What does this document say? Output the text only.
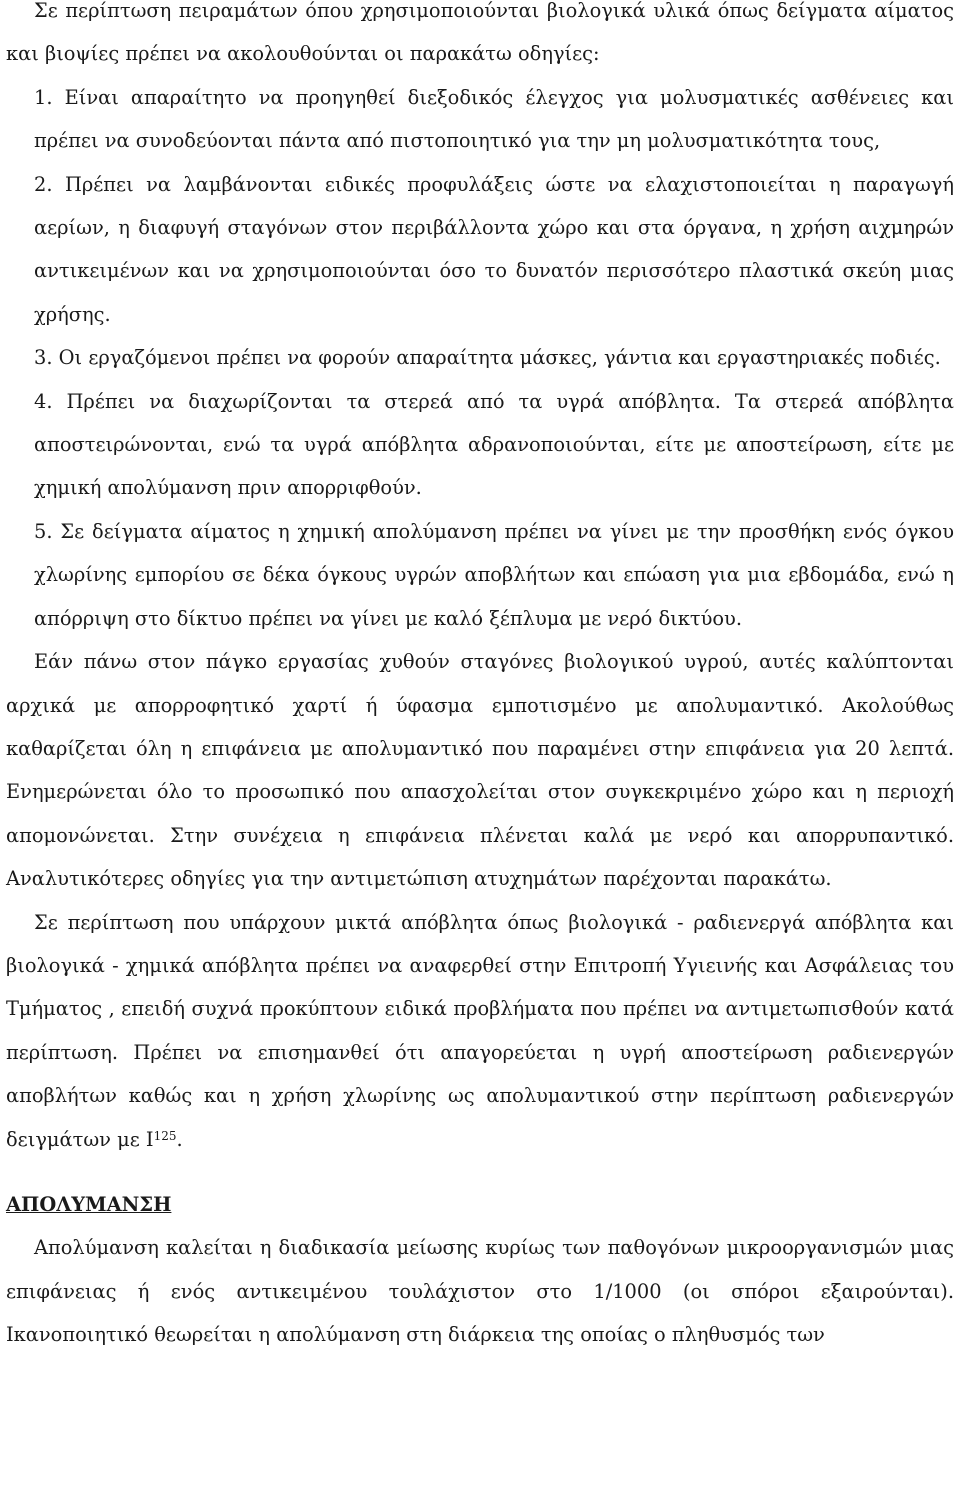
Σε περίπτωση πειραμάτων όπου χρησιμοποιούνται βιολογικά υλικά όπως δείγματα αίματος και βιοψίες πρέπει να ακολουθούνται οι παρακάτω οδηγίες:

1. Είναι απαραίτητο να προηγηθεί διεξοδικός έλεγχος για μολυσματικές ασθένειες και πρέπει να συνοδεύονται πάντα από πιστοποιητικό για την μη μολυσματικότητα τους,

2. Πρέπει να λαμβάνονται ειδικές προφυλάξεις ώστε να ελαχιστοποιείται η παραγωγή αερίων, η διαφυγή σταγόνων στον περιβάλλοντα χώρο και στα όργανα, η χρήση αιχμηρών αντικειμένων και να χρησιμοποιούνται όσο το δυνατόν περισσότερο πλαστικά σκεύη μιας χρήσης.

3. Οι εργαζόμενοι πρέπει να φορούν απαραίτητα μάσκες, γάντια και εργαστηριακές ποδιές.

4. Πρέπει να διαχωρίζονται τα στερεά από τα υγρά απόβλητα. Τα στερεά απόβλητα αποστειρώνονται, ενώ τα υγρά απόβλητα αδρανοποιούνται, είτε με αποστείρωση, είτε με χημική απολύμανση πριν απορριφθούν.

5. Σε δείγματα αίματος η χημική απολύμανση πρέπει να γίνει με την προσθήκη ενός όγκου χλωρίνης εμπορίου σε δέκα όγκους υγρών αποβλήτων και επώαση για μια εβδομάδα, ενώ η απόρριψη στο δίκτυο πρέπει να γίνει με καλό ξέπλυμα με νερό δικτύου.

Εάν πάνω στον πάγκο εργασίας χυθούν σταγόνες βιολογικού υγρού, αυτές καλύπτονται αρχικά με απορροφητικό χαρτί ή ύφασμα εμποτισμένο με απολυμαντικό. Ακολούθως καθαρίζεται όλη η επιφάνεια με απολυμαντικό που παραμένει στην επιφάνεια για 20 λεπτά. Ενημερώνεται όλο το προσωπικό που απασχολείται στον συγκεκριμένο χώρο και η περιοχή απομονώνεται. Στην συνέχεια η επιφάνεια πλένεται καλά με νερό και απορρυπαντικό. Αναλυτικότερες οδηγίες για την αντιμετώπιση ατυχημάτων παρέχονται παρακάτω.

Σε περίπτωση που υπάρχουν μικτά απόβλητα όπως βιολογικά - ραδιενεργά απόβλητα και βιολογικά - χημικά απόβλητα πρέπει να αναφερθεί στην Επιτροπή Υγιεινής και Ασφάλειας του Τμήματος , επειδή συχνά προκύπτουν ειδικά προβλήματα που πρέπει να αντιμετωπισθούν κατά περίπτωση. Πρέπει να επισημανθεί ότι απαγορεύεται η υγρή αποστείρωση ραδιενεργών αποβλήτων καθώς και η χρήση χλωρίνης ως απολυμαντικού στην περίπτωση ραδιενεργών δειγμάτων με $I^{125}$.

ΑΠΟΛΥΜΑΝΣΗ

Απολύμανση καλείται η διαδικασία μείωσης κυρίως των παθογόνων μικροοργανισμών μιας επιφάνειας ή ενός αντικειμένου τουλάχιστον στο 1/1000 (οι σπόροι εξαιρούνται). Ικανοποιητικό θεωρείται η απολύμανση στη διάρκεια της οποίας ο πληθυσμός των
